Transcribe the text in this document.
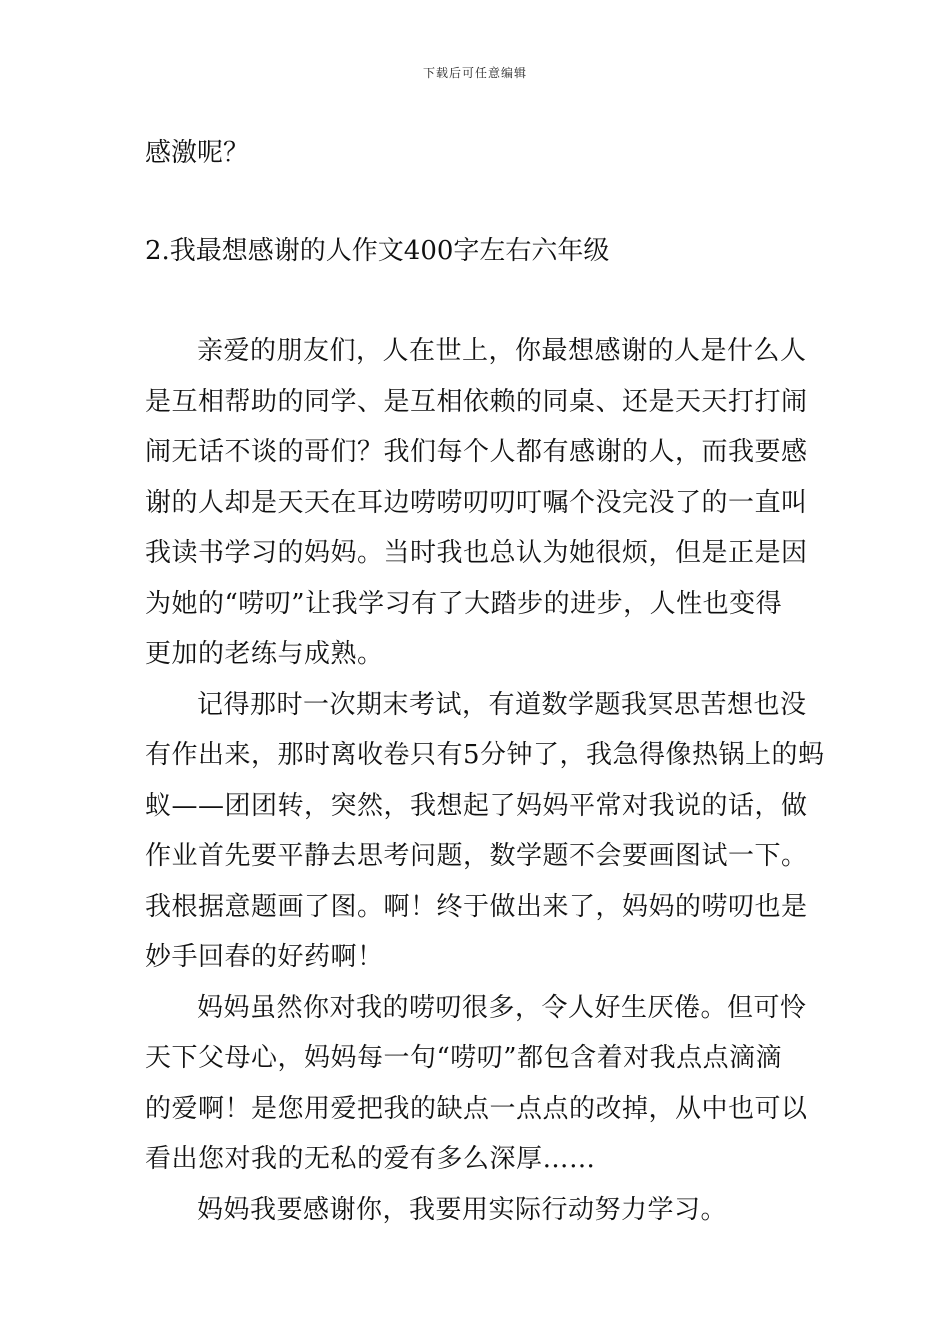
下载后可任意编辑
感激呢？
2.我最想感谢的人作文400字左右六年级
亲爱的朋友们，人在世上，你最想感谢的人是什么人
是互相帮助的同学、是互相依赖的同桌、还是天天打打闹
闹无话不谈的哥们？我们每个人都有感谢的人，而我要感
谢的人却是天天在耳边唠唠叨叨叮嘱个没完没了的一直叫
我读书学习的妈妈。当时我也总认为她很烦，但是正是因
为她的“唠叨”让我学习有了大踏步的进步，人性也变得
更加的老练与成熟。
记得那时一次期末考试，有道数学题我冥思苦想也没
有作出来，那时离收卷只有5分钟了，我急得像热锅上的蚂
蚁——团团转，突然，我想起了妈妈平常对我说的话，做
作业首先要平静去思考问题，数学题不会要画图试一下。
我根据意题画了图。啊！终于做出来了，妈妈的唠叨也是
妙手回春的好药啊！
妈妈虽然你对我的唠叨很多，令人好生厌倦。但可怜
天下父母心，妈妈每一句“唠叨”都包含着对我点点滴滴
的爱啊！是您用爱把我的缺点一点点的改掉，从中也可以
看出您对我的无私的爱有多么深厚……
妈妈我要感谢你，我要用实际行动努力学习。
